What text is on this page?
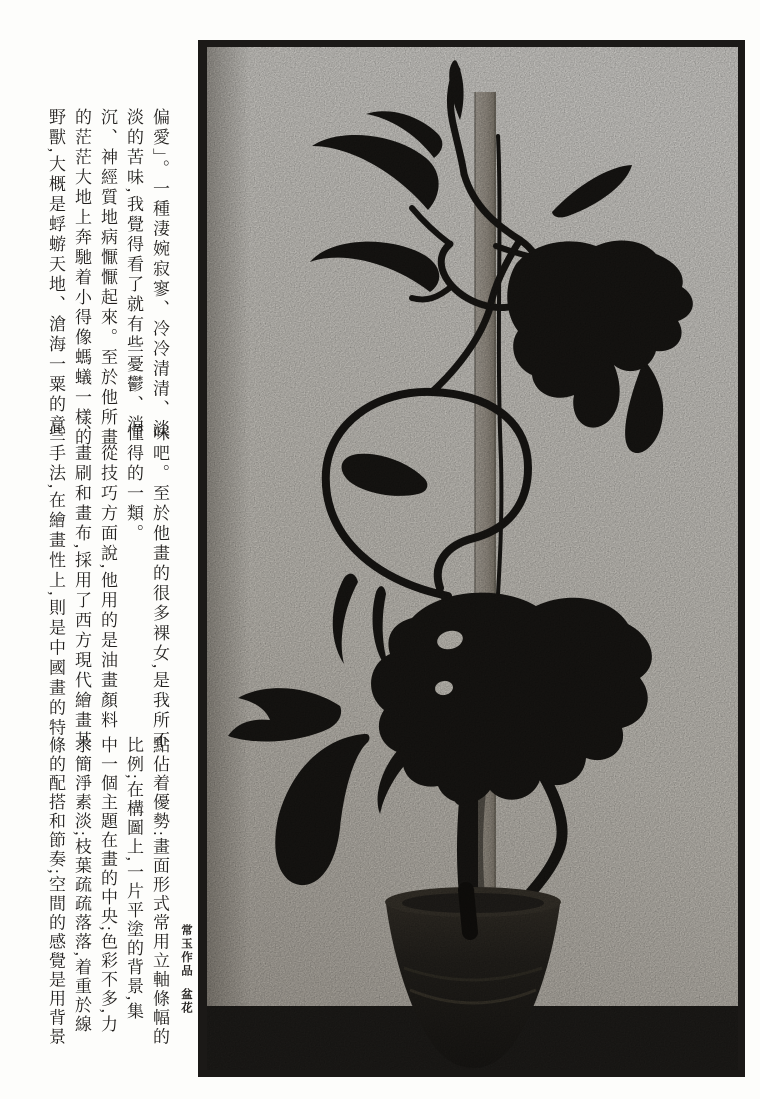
偏愛」。一種淒婉寂寥、冷冷清清、淡
淡的苦味,我覺得看了就有些憂鬱、消
沉、神經質地病懨懨起來。至於他所畫
的茫茫大地上奔馳着小得像螞蟻一樣的
野獸,大概是蜉蝣天地、滄海一粟的意
味吧。至於他畫的很多裸女,是我所不
懂得的一類。
　從技巧方面說,他用的是油畫顏料
、畫刷和畫布,採用了西方現代繪畫某
些手法,在繪畫性上,則是中國畫的特
點佔着優勢:畫面形式常用立軸條幅的
比例;在構圖上,一片平塗的背景,集
中一個主題在畫的中央;色彩不多,力
求簡淨素淡;枝葉疏疏落落,着重於線
條的配搭和節奏;空間的感覺是用背景	常玉作品
盆花
